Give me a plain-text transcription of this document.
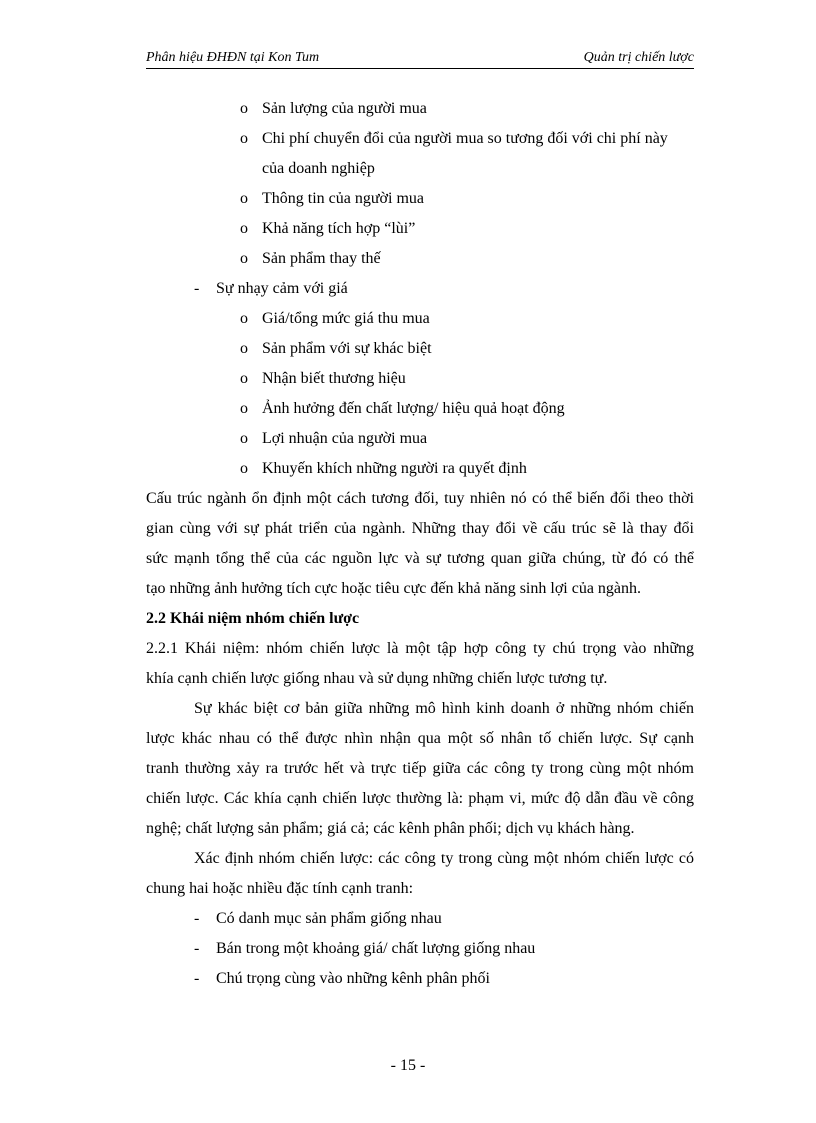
Phân hiệu ĐHĐN tại Kon Tum	Quản trị chiến lược
o Sản lượng của người mua
o Chi phí chuyển đổi của người mua so tương đối với chi phí này
của doanh nghiệp
o Thông tin của người mua
o Khả năng tích hợp “lùi”
o Sản phẩm thay thế
- Sự nhạy cảm với giá
o Giá/tổng mức giá thu mua
o Sản phẩm với sự khác biệt
o Nhận biết thương hiệu
o Ảnh hưởng đến chất lượng/ hiệu quả hoạt động
o Lợi nhuận của người mua
o Khuyến khích những người ra quyết định
Cấu trúc ngành ổn định một cách tương đối, tuy nhiên nó có thể biến đổi theo thời
gian cùng với sự phát triển của ngành. Những thay đổi về cấu trúc sẽ là thay đổi
sức mạnh tổng thể của các nguồn lực và sự tương quan giữa chúng, từ đó có thể
tạo những ảnh hưởng tích cực hoặc tiêu cực đến khả năng sinh lợi của ngành.
2.2 Khái niệm nhóm chiến lược
2.2.1 Khái niệm: nhóm chiến lược là một tập hợp công ty chú trọng vào những
khía cạnh chiến lược giống nhau và sử dụng những chiến lược tương tự.
Sự khác biệt cơ bản giữa những mô hình kinh doanh ở những nhóm chiến
lược khác nhau có thể được nhìn nhận qua một số nhân tố chiến lược. Sự cạnh
tranh thường xảy ra trước hết và trực tiếp giữa các công ty trong cùng một nhóm
chiến lược. Các khía cạnh chiến lược thường là: phạm vi, mức độ dẫn đầu về công
nghệ; chất lượng sản phẩm; giá cả; các kênh phân phối; dịch vụ khách hàng.
Xác định nhóm chiến lược: các công ty trong cùng một nhóm chiến lược có
chung hai hoặc nhiều đặc tính cạnh tranh:
- Có danh mục sản phẩm giống nhau
- Bán trong một khoảng giá/ chất lượng giống nhau
- Chú trọng cùng vào những kênh phân phối
- 15 -
